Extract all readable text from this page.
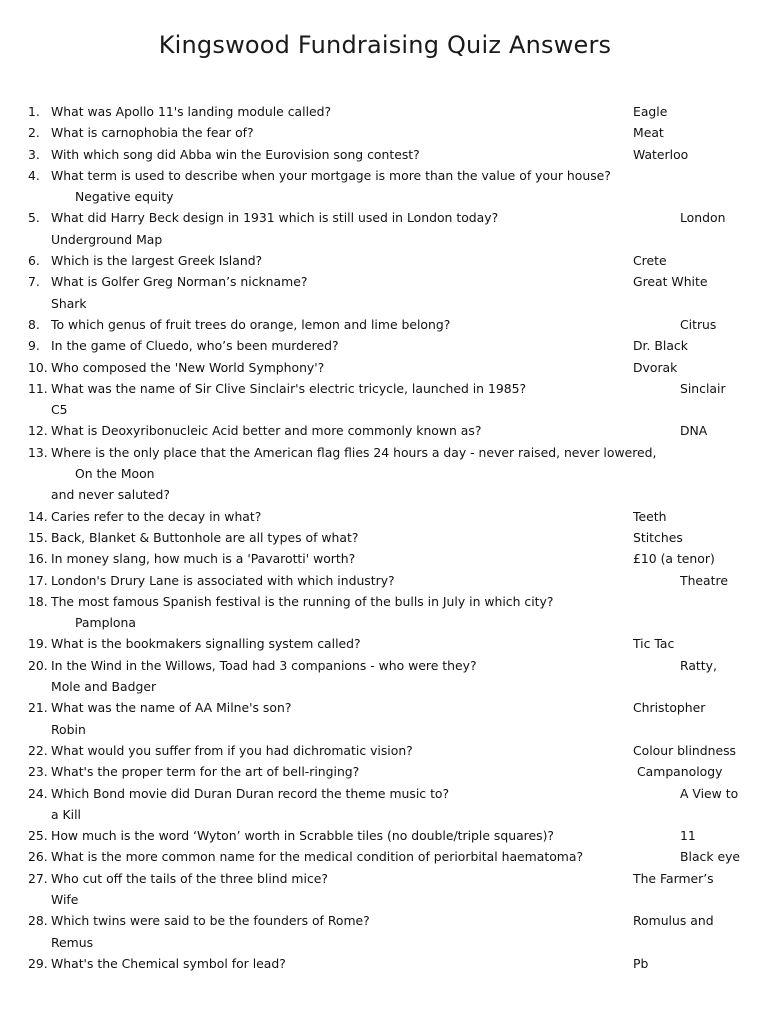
Kingswood Fundraising Quiz Answers
1. What was Apollo 11's landing module called?	Eagle
2. What is carnophobia the fear of?	Meat
3. With which song did Abba win the Eurovision song contest?	Waterloo
4. What term is used to describe when your mortgage is more than the value of your house?
Negative equity
5. What did Harry Beck design in 1931 which is still used in London today?	London
Underground Map
6. Which is the largest Greek Island?	Crete
7. What is Golfer Greg Norman’s nickname?	Great White
Shark
8. To which genus of fruit trees do orange, lemon and lime belong?	Citrus
9. In the game of Cluedo, who’s been murdered?	Dr. Black
10. Who composed the 'New World Symphony'?	Dvorak
11. What was the name of Sir Clive Sinclair's electric tricycle, launched in 1985?	Sinclair
C5
12. What is Deoxyribonucleic Acid better and more commonly known as?	DNA
13. Where is the only place that the American flag flies 24 hours a day - never raised, never lowered,
On the Moon
and never saluted?
14. Caries refer to the decay in what?	Teeth
15. Back, Blanket & Buttonhole are all types of what?	Stitches
16. In money slang, how much is a 'Pavarotti' worth?	£10 (a tenor)
17. London's Drury Lane is associated with which industry?	Theatre
18. The most famous Spanish festival is the running of the bulls in July in which city?
Pamplona
19. What is the bookmakers signalling system called?	Tic Tac
20. In the Wind in the Willows, Toad had 3 companions - who were they?	Ratty,
Mole and Badger
21. What was the name of AA Milne's son?	Christopher
Robin
22. What would you suffer from if you had dichromatic vision?	Colour blindness
23. What's the proper term for the art of bell-ringing?	Campanology
24. Which Bond movie did Duran Duran record the theme music to?	A View to
a Kill
25. How much is the word ‘Wyton’ worth in Scrabble tiles (no double/triple squares)?	11
26. What is the more common name for the medical condition of periorbital haematoma?	Black eye
27. Who cut off the tails of the three blind mice?	The Farmer’s
Wife
28. Which twins were said to be the founders of Rome?	Romulus and
Remus
29. What's the Chemical symbol for lead?	Pb
